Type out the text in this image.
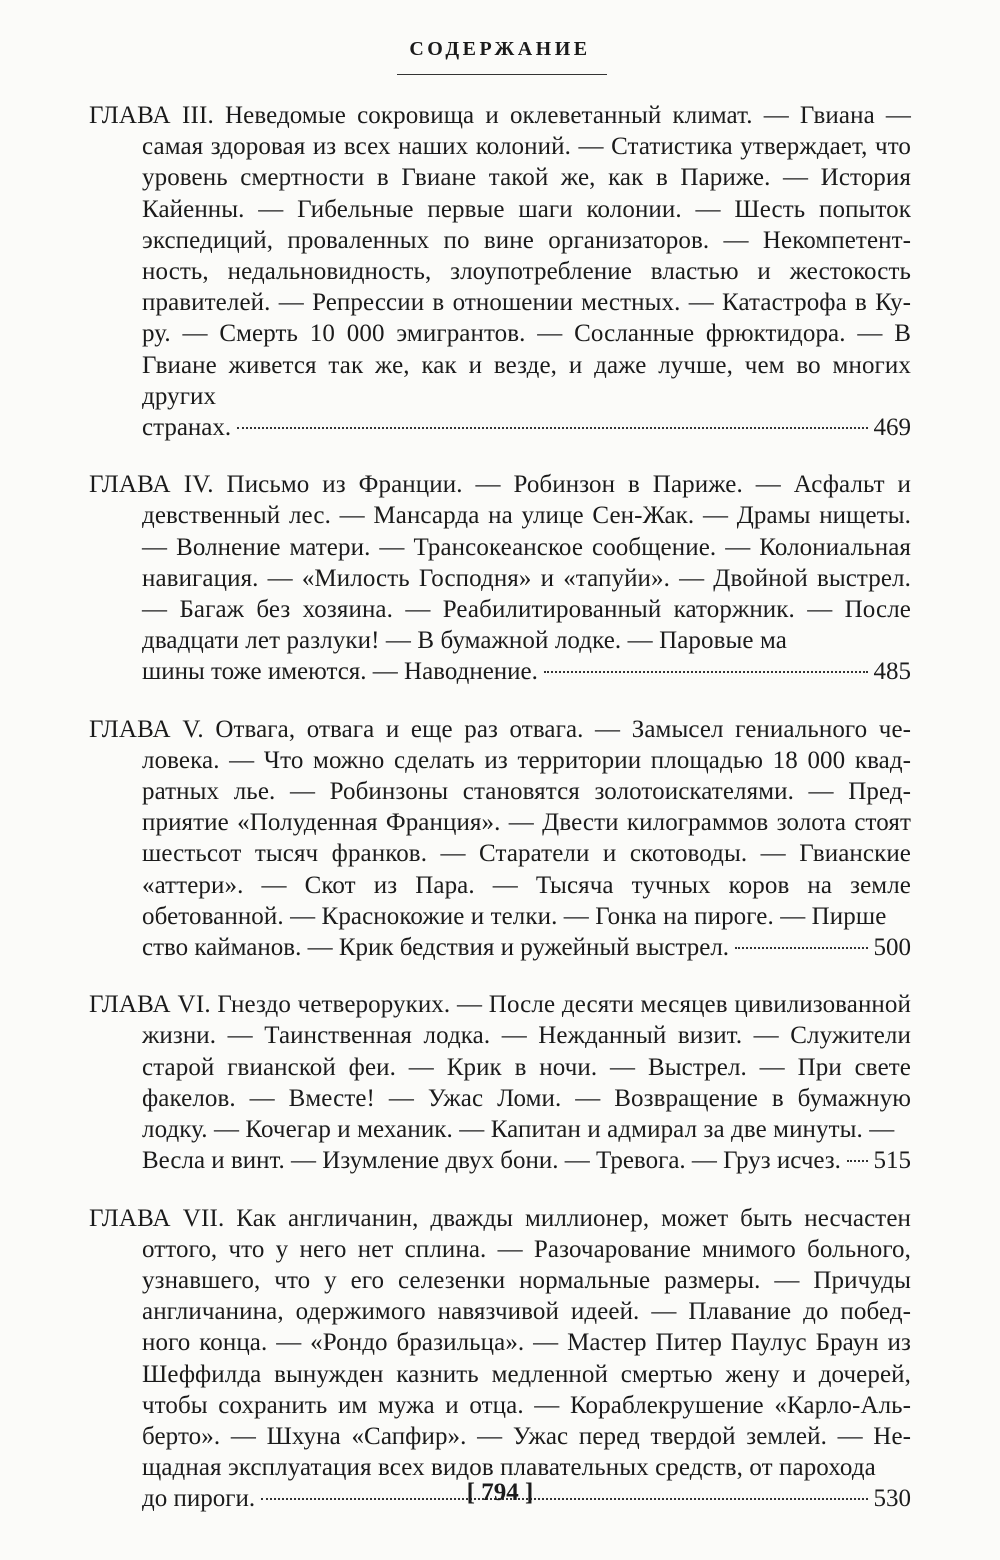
СОДЕРЖАНИЕ
ГЛАВА III. Неведомые сокровища и оклеветанный климат. — Гвиана — самая здоровая из всех наших колоний. — Статистика утверждает, что уровень смертности в Гвиане такой же, как в Париже. — История Кайенны. — Гибельные первые шаги колонии. — Шесть попыток экспедиций, проваленных по вине организаторов. — Некомпетентность, недальновидность, злоупотребление властью и жестокость правителей. — Репрессии в отношении местных. — Катастрофа в Куру. — Смерть 10 000 эмигрантов. — Сосланные фрюктидора. — В Гвиане живется так же, как и везде, и даже лучше, чем во многих других
странах.	469
ГЛАВА IV. Письмо из Франции. — Робинзон в Париже. — Асфальт и девственный лес. — Мансарда на улице Сен-Жак. — Драмы нищеты. — Волнение матери. — Трансокеанское сообщение. — Колониальная навигация. — «Милость Господня» и «тапуйи». — Двойной выстрел. — Багаж без хозяина. — Реабилитированный каторжник. — После двадцати лет разлуки! — В бумажной лодке. — Паровые ма
шины тоже имеются. — Наводнение.	485
ГЛАВА V. Отвага, отвага и еще раз отвага. — Замысел гениального человека. — Что можно сделать из территории площадью 18 000 квадратных лье. — Робинзоны становятся золотоискателями. — Предприятие «Полуденная Франция». — Двести килограммов золота стоят шестьсот тысяч франков. — Старатели и скотоводы. — Гвианские «аттери». — Скот из Пара. — Тысяча тучных коров на земле обетованной. — Краснокожие и телки. — Гонка на пироге. — Пирше
ство кайманов. — Крик бедствия и ружейный выстрел.	500
ГЛАВА VI. Гнездо четвероруких. — После десяти месяцев цивилизованной жизни. — Таинственная лодка. — Нежданный визит. — Служители старой гвианской феи. — Крик в ночи. — Выстрел. — При свете факелов. — Вместе! — Ужас Ломи. — Возвращение в бумажную лодку. — Кочегар и механик. — Капитан и адмирал за две минуты. —
Весла и винт. — Изумление двух бони. — Тревога. — Груз исчез. 515
ГЛАВА VII. Как англичанин, дважды миллионер, может быть несчастен оттого, что у него нет сплина. — Разочарование мнимого больного, узнавшего, что у его селезенки нормальные размеры. — Причуды англичанина, одержимого навязчивой идеей. — Плавание до победного конца. — «Рондо бразильца». — Мастер Питер Паулус Браун из Шеффилда вынужден казнить медленной смертью жену и дочерей, чтобы сохранить им мужа и отца. — Кораблекрушение «Карло-Альберто». — Шхуна «Сапфир». — Ужас перед твердой землей. — Нещадная эксплуатация всех видов плавательных средств, от парохода
до пироги.	530
[ 794 ]
